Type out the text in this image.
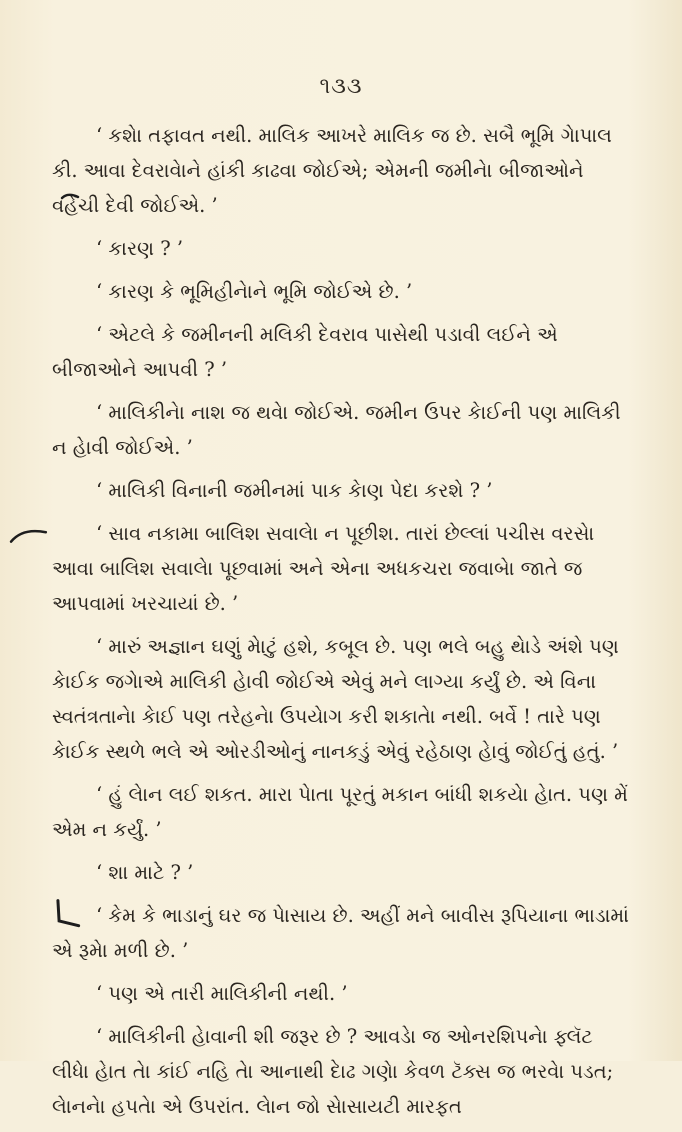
૧૩૩

‘ કશેા તફાવત નથી. માલિક આખરે માલિક જ છે. સબૈ ભૂમિ ગાેપાલ કી. આવા દેવરાવેાને હાંકી કાઢવા જોઈએ; એમની જમીને। બીજાઓને વહેંચી દેવી જોઈએ. ’

‘ કારણ ? ’

‘ કારણ કે ભૂમિહીનાેને ભૂમિ જોઈએ છે. ’

‘ એટલે કે જમીનની મલિકી દેવરાવ પાસેથી પડાવી લઈને એ બીજાઓને આપવી ? ’

‘ માલિકીનાે નાશ જ થવેા જોઈએ. જમીન ઉપર કાેઈની પણ માલિકી ન હેાવી જોઈએ. ’

‘ માલિકી વિનાની જમીનમાં પાક કાેણ પેદા કરશે ? ’

‘ સાવ નકામા બાલિશ સવાલેા ન પૂછીશ. તારાં છેલ્લાં પચીસ વરસેા આવા બાલિશ સવાલેા પૂછવામાં અને એના અધકચરા જવાબેા જાતે જ આપવામાં ખરચાયાં છે. ’

‘ મારું અજ્ઞાન ઘણું માેટું હશે, કબૂલ છે. પણ ભલે બહુ થાેડે અંશે પણ કાેઈક જગાેએ માલિકી હેાવી જોઈએ એવું મને લાગ્યા કર્યું છે. એ વિના સ્વતંત્રતાનાે કાેઈ પણ તરેહનાે ઉપયાેગ કરી શકાતાે નથી. બર્વે ! તારે પણ કાેઈક સ્થળે ભલે એ ઓરડીઓનું નાનકડું એવું રહેઠાણ હેાવું જોઈતું હતું. ’

‘ હું લેાન લઈ શકત. મારા પાેતા પૂરતું મકાન બાંધી શકયાે હેાત. પણ મેં એમ ન કર્યું. ’

‘ શા માટે ? ’

‘ કેમ કે ભાડાનું ઘર જ પાેસાય છે. અહીં મને બાવીસ રૂપિયાના ભાડામાં એ રૂમેા મળી છે. ’

‘ પણ એ તારી માલિકીની નથી. ’

‘ માલિકીની હેાવાની શી જરૂર છે ? આવડાે જ ઓનરશિપનાે ફ્લૅટ લીધાે હેાત તાે કાંઈ નહિ તાે આનાથી દેાઢ ગણાે કેવળ ટૅક્સ જ ભરવાે પડત; લેાનનાે હપતાે એ ઉપરાંત. લેાન જો સાેસાયટી મારફત
